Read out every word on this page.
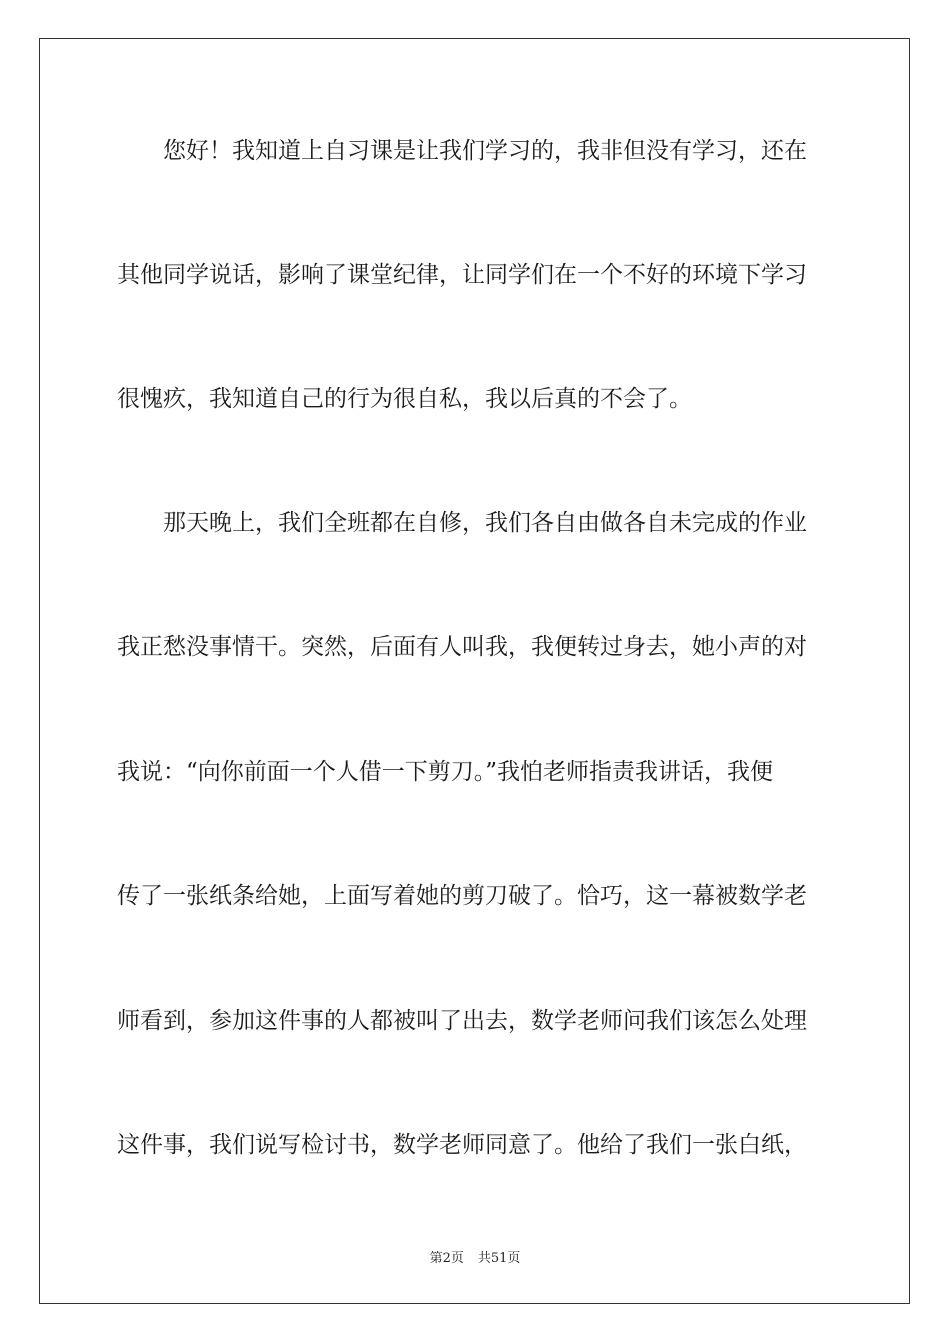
您好！我知道上自习课是让我们学习的，我非但没有学习，还在
其他同学说话，影响了课堂纪律，让同学们在一个不好的环境下学习
很愧疚，我知道自己的行为很自私，我以后真的不会了。
那天晚上，我们全班都在自修，我们各自由做各自未完成的作业
我正愁没事情干。突然，后面有人叫我，我便转过身去，她小声的对
我说：“向你前面一个人借一下剪刀。”我怕老师指责我讲话，我便
传了一张纸条给她，上面写着她的剪刀破了。恰巧，这一幕被数学老
师看到，参加这件事的人都被叫了出去，数学老师问我们该怎么处理
这件事，我们说写检讨书，数学老师同意了。他给了我们一张白纸，
第2页 共51页
